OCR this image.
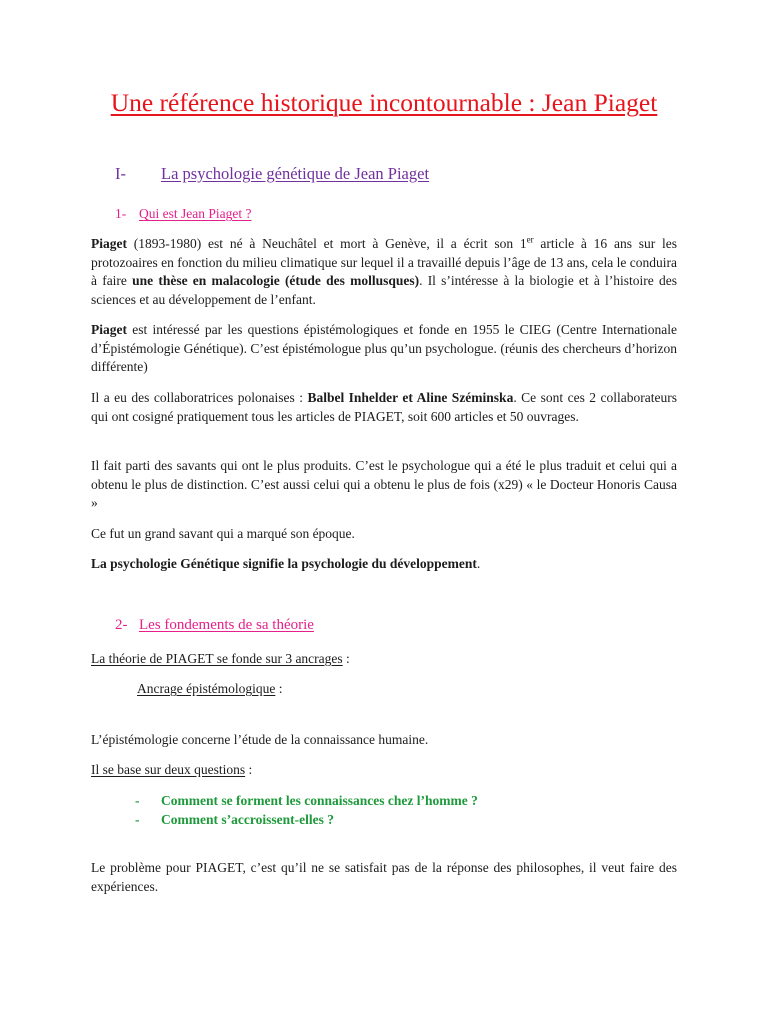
Une référence historique incontournable : Jean Piaget
I- La psychologie génétique de Jean Piaget
1- Qui est Jean Piaget ?

Piaget (1893-1980) est né à Neuchâtel et mort à Genève, il a écrit son 1er article à 16 ans sur les protozoaires en fonction du milieu climatique sur lequel il a travaillé depuis l’âge de 13 ans, cela le conduira à faire une thèse en malacologie (étude des mollusques). Il s’intéresse à la biologie et à l’histoire des sciences et au développement de l’enfant.

Piaget est intéressé par les questions épistémologiques et fonde en 1955 le CIEG (Centre Internationale d’Épistémologie Génétique). C’est épistémologue plus qu’un psychologue. (réunis des chercheurs d’horizon différente)

Il a eu des collaboratrices polonaises : Balbel Inhelder et Aline Széminska. Ce sont ces 2 collaborateurs qui ont cosigné pratiquement tous les articles de PIAGET, soit 600 articles et 50 ouvrages.

Il fait parti des savants qui ont le plus produits. C’est le psychologue qui a été le plus traduit et celui qui a obtenu le plus de distinction. C’est aussi celui qui a obtenu le plus de fois (x29) « le Docteur Honoris Causa »

Ce fut un grand savant qui a marqué son époque.

La psychologie Génétique signifie la psychologie du développement.

2- Les fondements de sa théorie
La théorie de PIAGET se fonde sur 3 ancrages :
Ancrage épistémologique :

L’épistémologie concerne l’étude de la connaissance humaine.

Il se base sur deux questions :
- Comment se forment les connaissances chez l’homme ?
- Comment s’accroissent-elles ?

Le problème pour PIAGET, c’est qu’il ne se satisfait pas de la réponse des philosophes, il veut faire des expériences.
